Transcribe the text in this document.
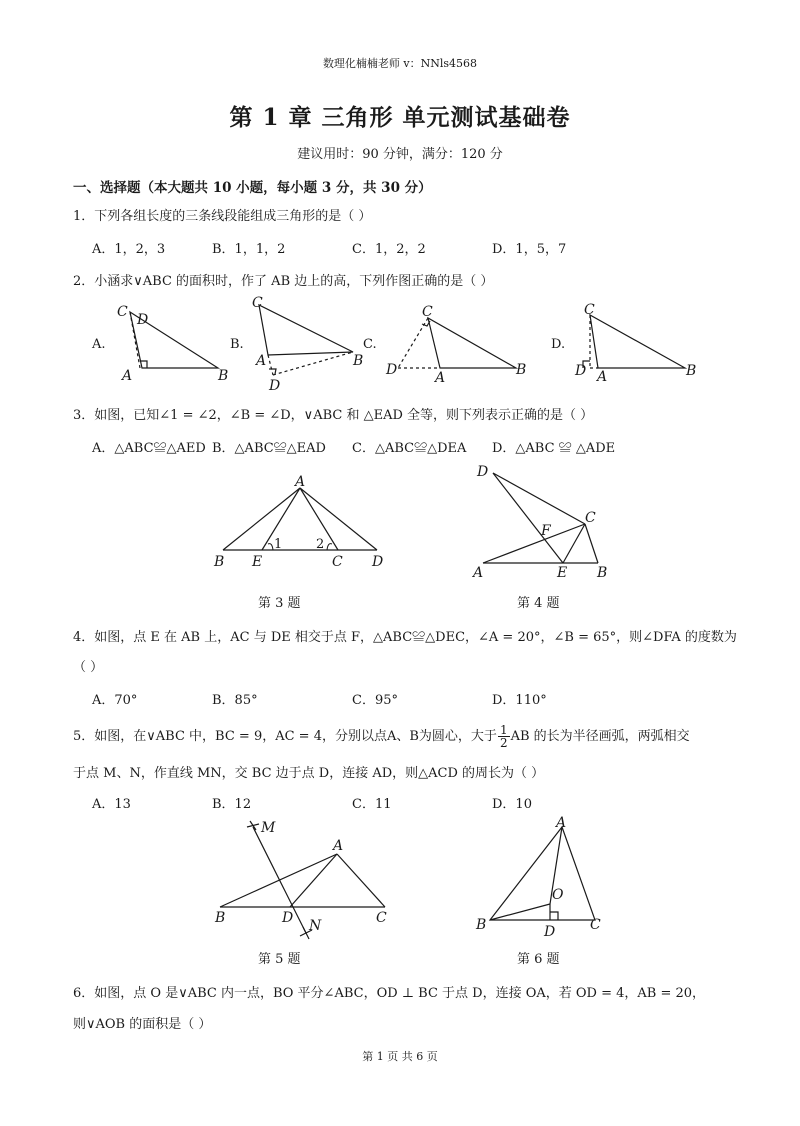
数理化楠楠老师 v：NNls4568
第 1 章 三角形 单元测试基础卷
建议用时：90 分钟，满分：120 分
一、选择题（本大题共 10 小题，每小题 3 分，共 30 分）
1．下列各组长度的三条线段能组成三角形的是（ ）
A．1，2，3	B．1，1，2	C．1，2，2	D．1，5，7
2．小涵求∨ABC 的面积时，作了 AB 边上的高，下列作图正确的是（ ）
A.	B.	C.	D.
C D
A	B
C
A	B
D
C
D	A	B
C
D A	B
3．如图，已知∠1 = ∠2，∠B = ∠D，∨ABC 和 △EAD 全等，则下列表示正确的是（ ）
A．△ABC≌△AED B．△ABC≌△EAD C．△ABC≌△DEA D．△ABC ≌ △ADE
A
B E	C D
1	2
第 3 题
D
C
F
A	E B
第 4 题
4．如图，点 E 在 AB 上，AC 与 DE 相交于点 F，△ABC≌△DEC，∠A = 20°，∠B = 65°，则∠DFA 的度数为
（ ）
A．70°	B．85°	C．95°	D．110°
5．如图，在∨ABC 中，BC = 9，AC = 4，分别以点A、B为圆心，大于 $\frac{1}{2}$ AB 的长为半径画弧，两弧相交
于点 M、N，作直线 MN，交 BC 边于点 D，连接 AD，则△ACD 的周长为（ ）
A．13	B．12	C．11	D．10
M
A
B	D N	C
第 5 题
A
O
B	D C
第 6 题
6．如图，点 O 是∨ABC 内一点，BO 平分∠ABC，OD ⊥ BC 于点 D，连接 OA，若 OD = 4，AB = 20，
则∨AOB 的面积是（ ）
第 1 页 共 6 页
